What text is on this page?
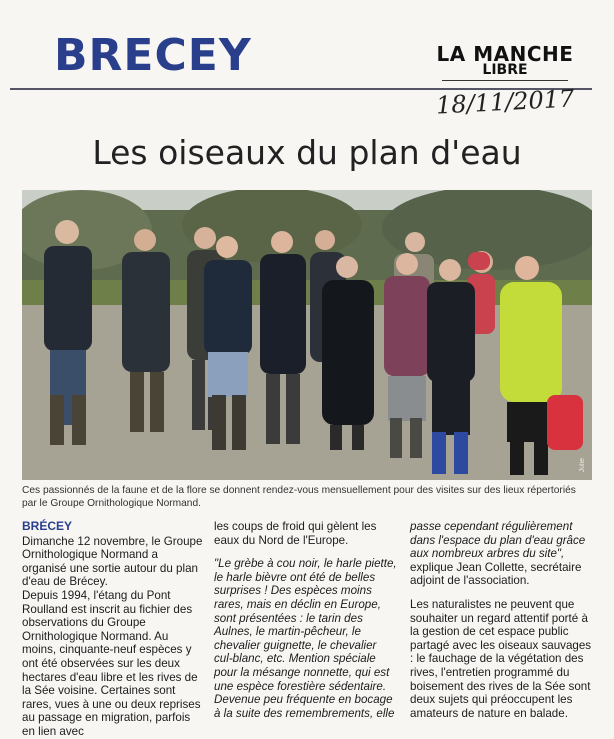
BRECEY	LA MANCHE
LIBRE
18/11/2017
Les oiseaux du plan d'eau
Julie
Ces passionnés de la faune et de la flore se donnent rendez-vous mensuellement pour des visites sur des lieux répertoriés par le Groupe Ornithologique Normand.
BRÉCEY

Dimanche 12 novembre, le Groupe Ornithologique Normand a organisé une sortie autour du plan d'eau de Brécey.

Depuis 1994, l'étang du Pont Roulland est inscrit au fichier des observations du Groupe Ornithologique Normand. Au moins, cinquante-neuf espèces y ont été observées sur les deux hectares d'eau libre et les rives de la Sée voisine. Certaines sont rares, vues à une ou deux reprises au passage en migration, parfois en lien avec

les coups de froid qui gèlent les eaux du Nord de l'Europe.

"Le grèbe à cou noir, le harle piette, le harle bièvre ont été de belles surprises ! Des espèces moins rares, mais en déclin en Europe, sont présentées : le tarin des Aulnes, le martin-pêcheur, le chevalier guignette, le chevalier cul-blanc, etc. Mention spéciale pour la mésange nonnette, qui est une espèce forestière sédentaire. Devenue peu fréquente en bocage à la suite des remembrements, elle

passe cependant régulièrement dans l'espace du plan d'eau grâce aux nombreux arbres du site",

explique Jean Collette, secrétaire adjoint de l'association.

Les naturalistes ne peuvent que souhaiter un regard attentif porté à la gestion de cet espace public partagé avec les oiseaux sauvages : le fauchage de la végétation des rives, l'entretien programmé du boisement des rives de la Sée sont deux sujets qui préoccupent les amateurs de nature en balade.
